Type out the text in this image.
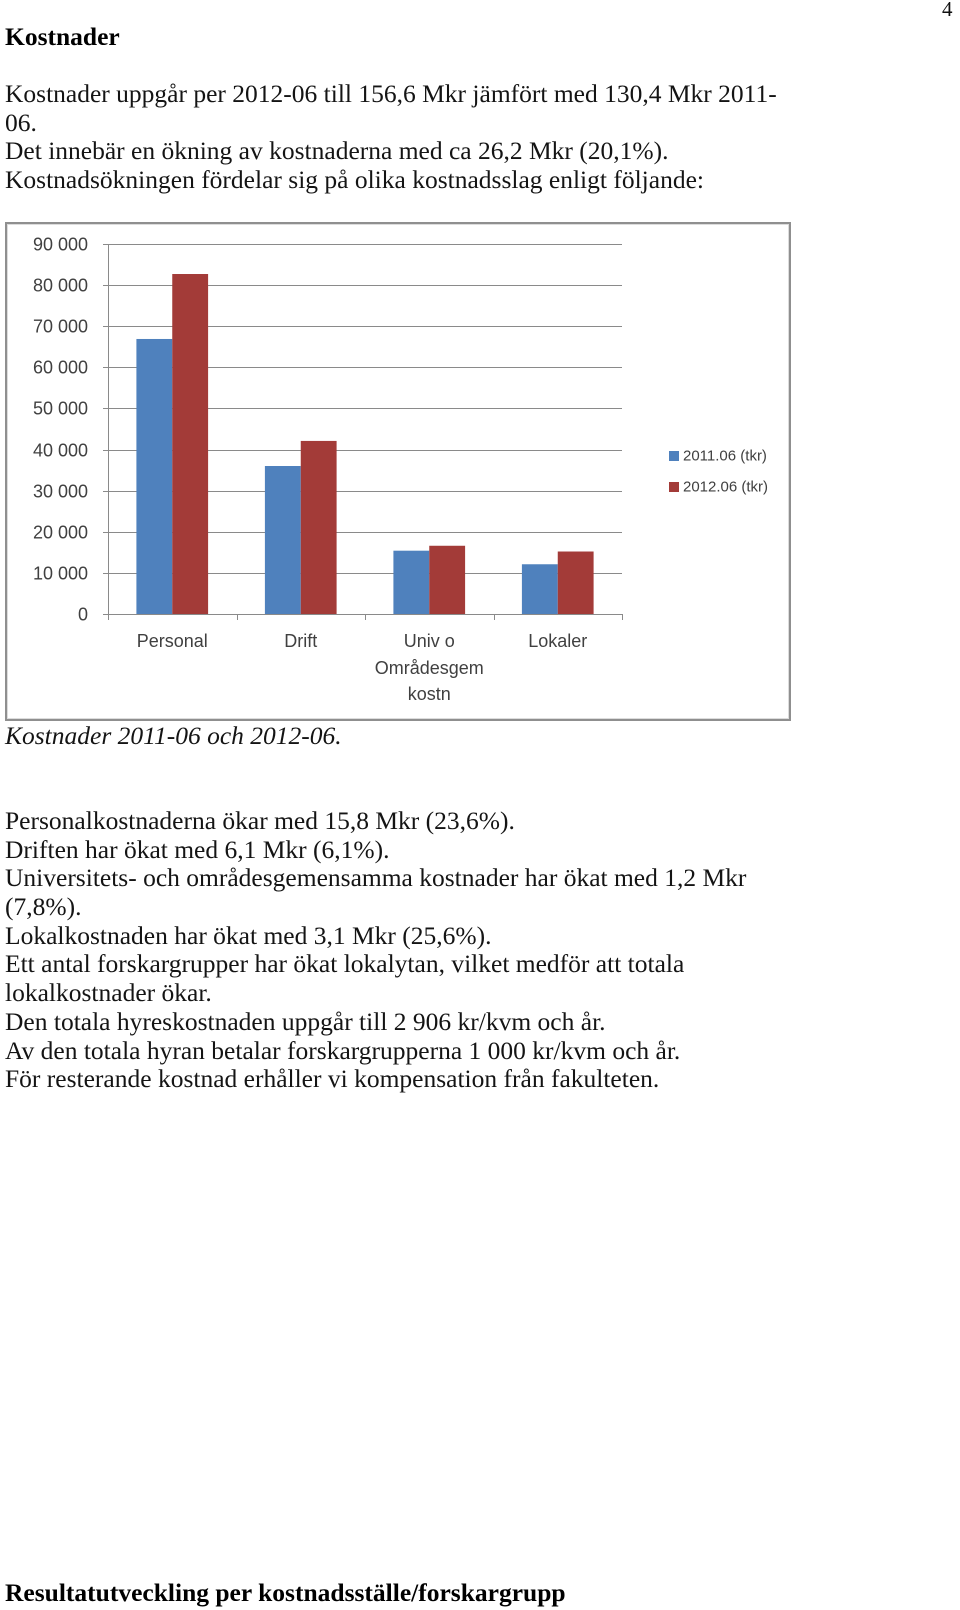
4
Kostnader
Kostnader uppgår per 2012-06 till 156,6 Mkr jämfört med 130,4 Mkr 2011-
06.
Det innebär en ökning av kostnaderna med ca 26,2 Mkr (20,1%).
Kostnadsökningen fördelar sig på olika kostnadsslag enligt följande:
0
10 000
20 000
30 000
40 000
50 000
60 000
70 000
80 000
90 000
2011.06 (tkr)
2012.06 (tkr)
Personal	Drift	Univ o Områdesgem kostn
Lokaler
Kostnader 2011-06 och 2012-06.
Personalkostnaderna ökar med 15,8 Mkr (23,6%).
Driften har ökat med 6,1 Mkr (6,1%).
Universitets- och områdesgemensamma kostnader har ökat med 1,2 Mkr
(7,8%).
Lokalkostnaden har ökat med 3,1 Mkr (25,6%).
Ett antal forskargrupper har ökat lokalytan, vilket medför att totala
lokalkostnader ökar.
Den totala hyreskostnaden uppgår till 2 906 kr/kvm och år.
Av den totala hyran betalar forskargrupperna 1 000 kr/kvm och år.
För resterande kostnad erhåller vi kompensation från fakulteten.
Resultatutveckling per kostnadsställe/forskargrupp
